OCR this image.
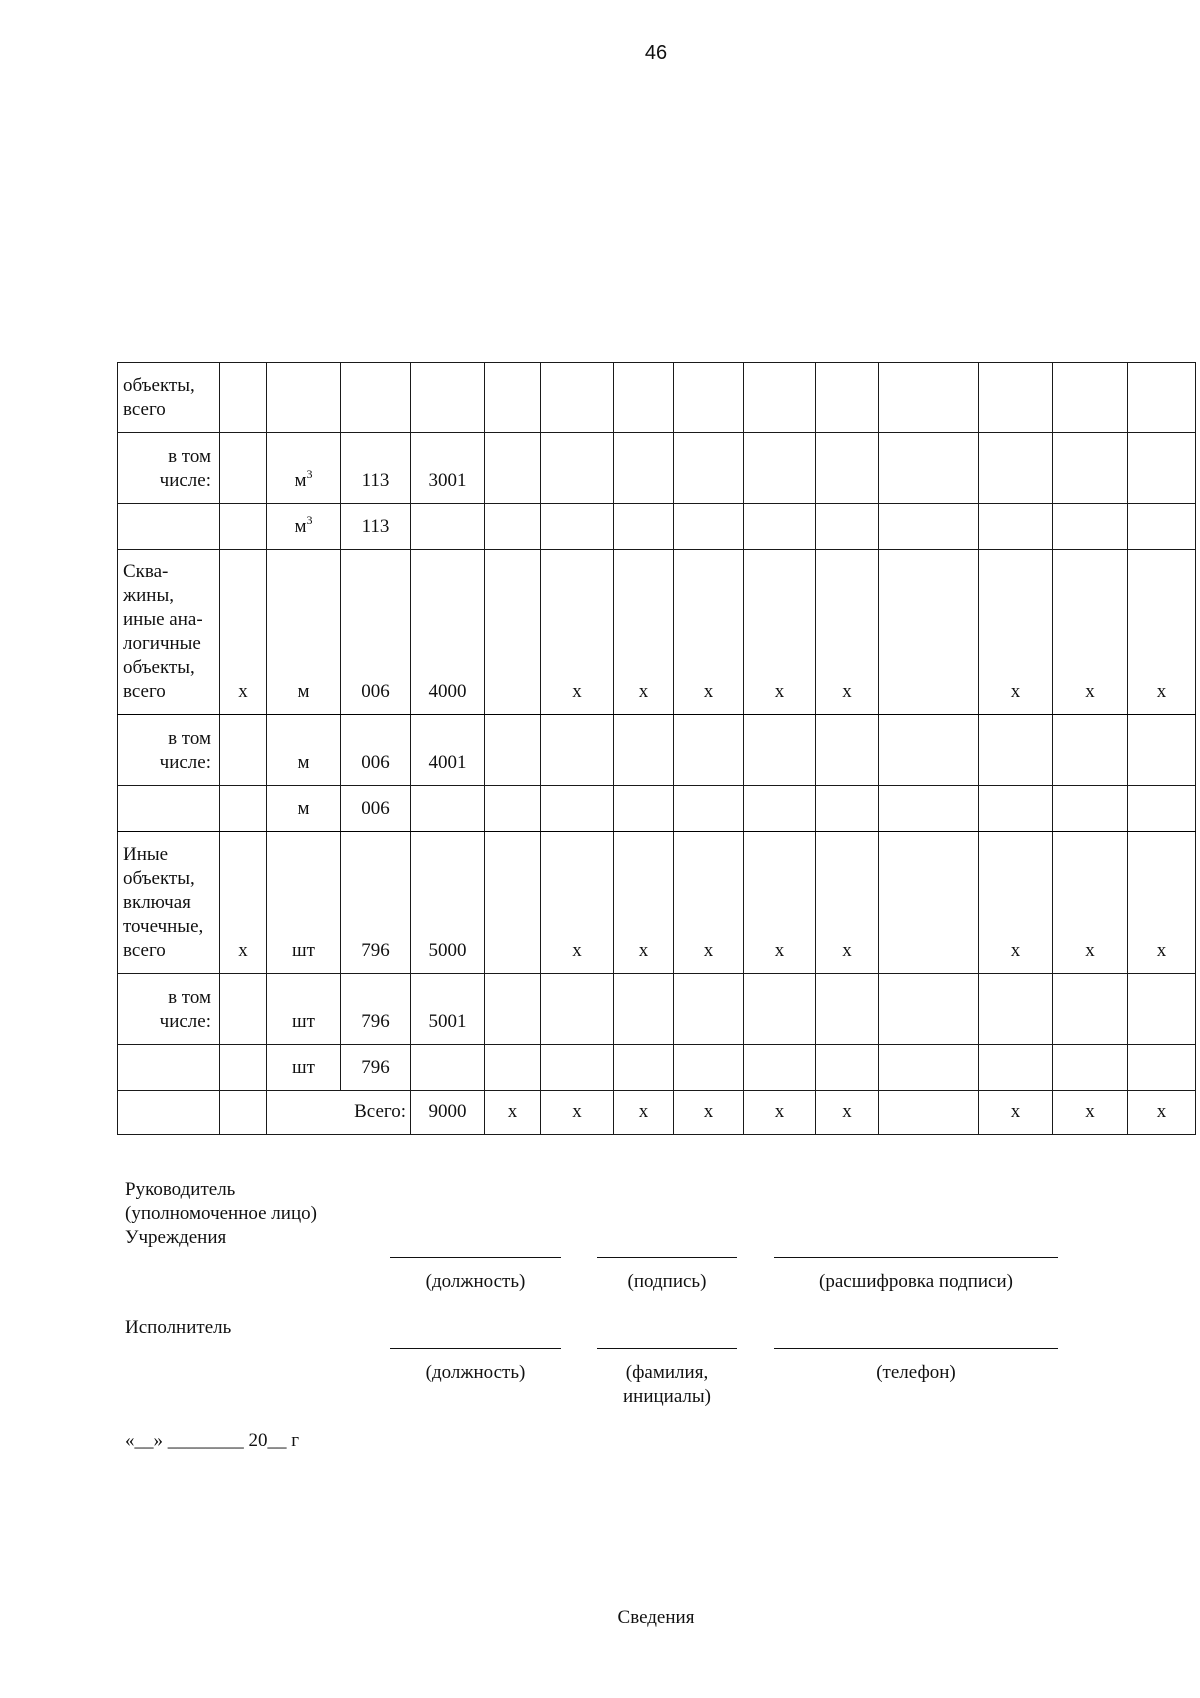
46
объекты, всего														
в том числе:		$м^3$	113	3001										
		$м^3$	113											
Сква-жины, иные ана-логичные объекты, всего	х	м	006	4000		х	х	х	х	х		х	х	х
в том числе:		м	006	4001										
		м	006											
Иные объекты, включая точечные, всего	х	шт	796	5000		х	х	х	х	х		х	х	х
в том числе:		шт	796	5001										
		шт	796											
		Всего:		9000	х	х	х	х	х	х		х	х	х
Руководитель
(уполномоченное лицо)
Учреждения
(должность)	(подпись)	(расшифровка подписи)
Исполнитель
(должность)	(фамилия,
инициалы)
(телефон)
«__» ________ 20__ г
Сведения
